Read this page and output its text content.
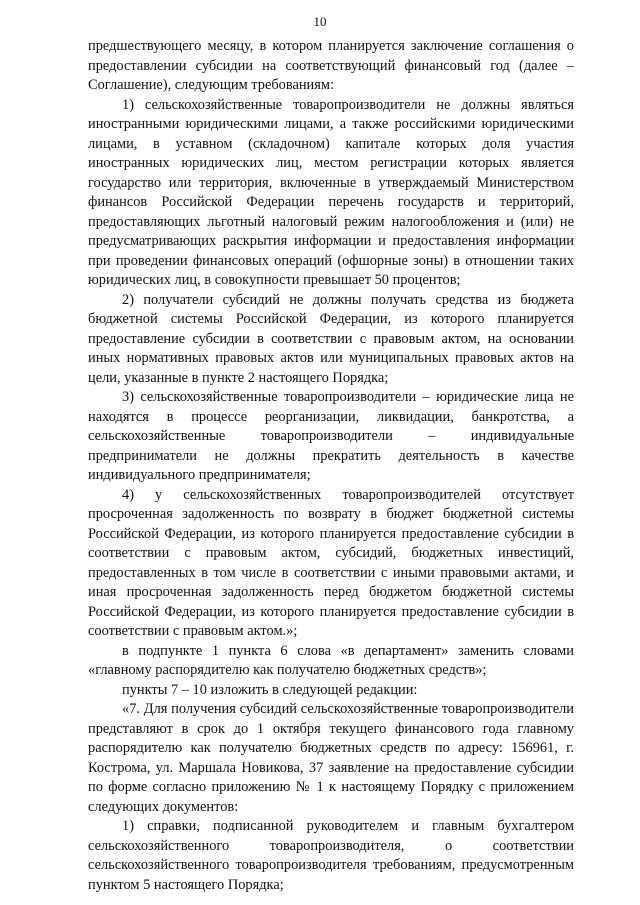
10

предшествующего месяцу, в котором планируется заключение соглашения о предоставлении субсидии на соответствующий финансовый год (далее – Соглашение), следующим требованиям:

1) сельскохозяйственные товаропроизводители не должны являться иностранными юридическими лицами, а также российскими юридическими лицами, в уставном (складочном) капитале которых доля участия иностранных юридических лиц, местом регистрации которых является государство или территория, включенные в утверждаемый Министерством финансов Российской Федерации перечень государств и территорий, предоставляющих льготный налоговый режим налогообложения и (или) не предусматривающих раскрытия информации и предоставления информации при проведении финансовых операций (офшорные зоны) в отношении таких юридических лиц, в совокупности превышает 50 процентов;

2) получатели субсидий не должны получать средства из бюджета бюджетной системы Российской Федерации, из которого планируется предоставление субсидии в соответствии с правовым актом, на основании иных нормативных правовых актов или муниципальных правовых актов на цели, указанные в пункте 2 настоящего Порядка;

3) сельскохозяйственные товаропроизводители – юридические лица не находятся в процессе реорганизации, ликвидации, банкротства, а сельскохозяйственные товаропроизводители – индивидуальные предприниматели не должны прекратить деятельность в качестве индивидуального предпринимателя;

4) у сельскохозяйственных товаропроизводителей отсутствует просроченная задолженность по возврату в бюджет бюджетной системы Российской Федерации, из которого планируется предоставление субсидии в соответствии с правовым актом, субсидий, бюджетных инвестиций, предоставленных в том числе в соответствии с иными правовыми актами, и иная просроченная задолженность перед бюджетом бюджетной системы Российской Федерации, из которого планируется предоставление субсидии в соответствии с правовым актом.»;

в подпункте 1 пункта 6 слова «в департамент» заменить словами «главному распорядителю как получателю бюджетных средств»;

пункты 7 – 10 изложить в следующей редакции:

«7. Для получения субсидий сельскохозяйственные товаропроизводители представляют в срок до 1 октября текущего финансового года главному распорядителю как получателю бюджетных средств по адресу: 156961, г. Кострома, ул. Маршала Новикова, 37 заявление на предоставление субсидии по форме согласно приложению № 1 к настоящему Порядку с приложением следующих документов:

1) справки, подписанной руководителем и главным бухгалтером сельскохозяйственного товаропроизводителя, о соответствии сельскохозяйственного товаропроизводителя требованиям, предусмотренным пунктом 5 настоящего Порядка;
